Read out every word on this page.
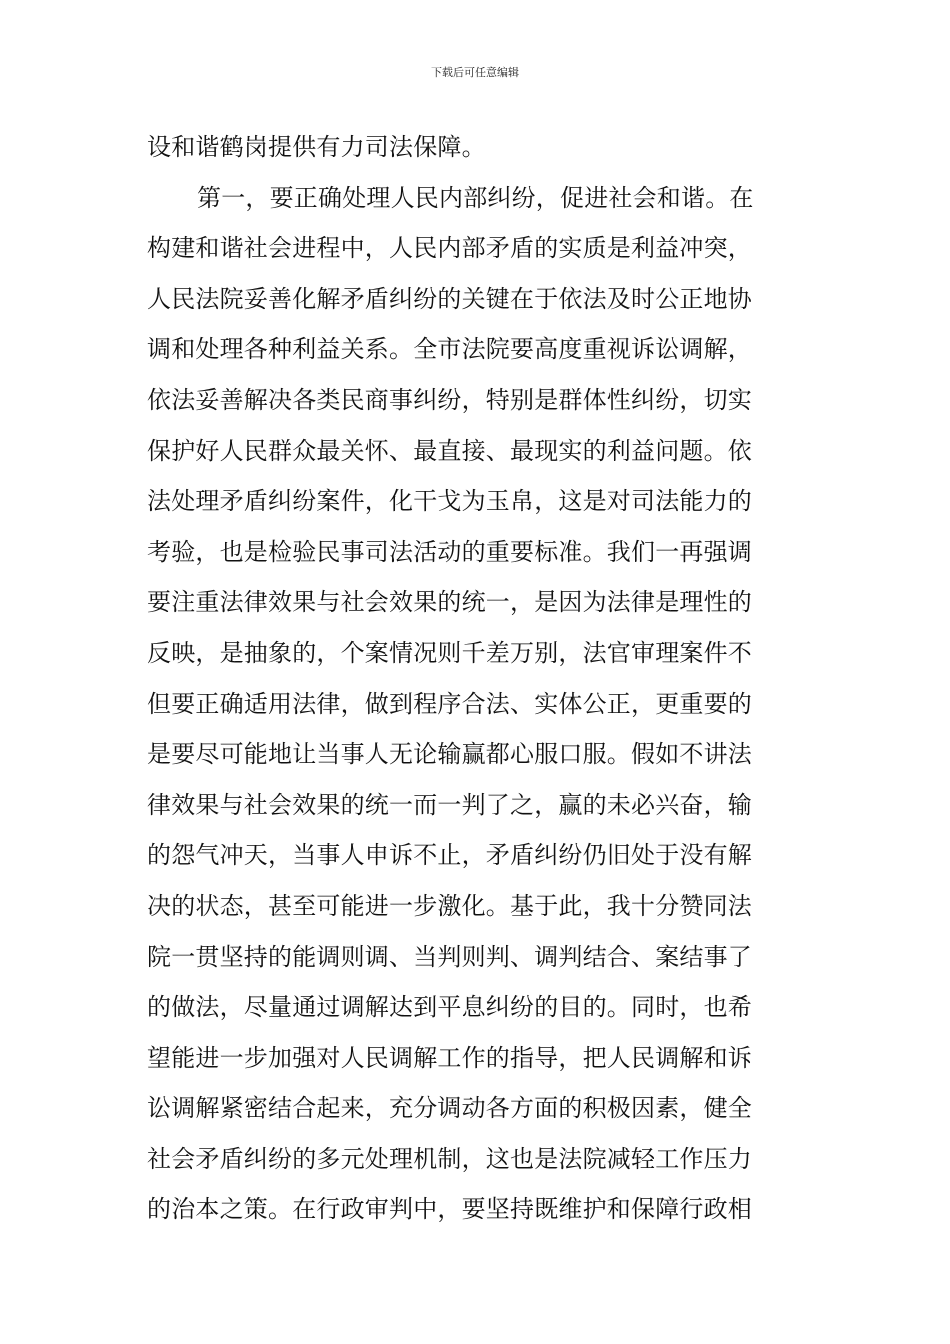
下载后可任意编辑
设和谐鹤岗提供有力司法保障。
第一，要正确处理人民内部纠纷，促进社会和谐。在
构建和谐社会进程中，人民内部矛盾的实质是利益冲突，
人民法院妥善化解矛盾纠纷的关键在于依法及时公正地协
调和处理各种利益关系。全市法院要高度重视诉讼调解，
依法妥善解决各类民商事纠纷，特别是群体性纠纷，切实
保护好人民群众最关怀、最直接、最现实的利益问题。依
法处理矛盾纠纷案件，化干戈为玉帛，这是对司法能力的
考验，也是检验民事司法活动的重要标准。我们一再强调
要注重法律效果与社会效果的统一，是因为法律是理性的
反映，是抽象的，个案情况则千差万别，法官审理案件不
但要正确适用法律，做到程序合法、实体公正，更重要的
是要尽可能地让当事人无论输赢都心服口服。假如不讲法
律效果与社会效果的统一而一判了之，赢的未必兴奋，输
的怨气冲天，当事人申诉不止，矛盾纠纷仍旧处于没有解
决的状态，甚至可能进一步激化。基于此，我十分赞同法
院一贯坚持的能调则调、当判则判、调判结合、案结事了
的做法，尽量通过调解达到平息纠纷的目的。同时，也希
望能进一步加强对人民调解工作的指导，把人民调解和诉
讼调解紧密结合起来，充分调动各方面的积极因素，健全
社会矛盾纠纷的多元处理机制，这也是法院减轻工作压力
的治本之策。在行政审判中，要坚持既维护和保障行政相
